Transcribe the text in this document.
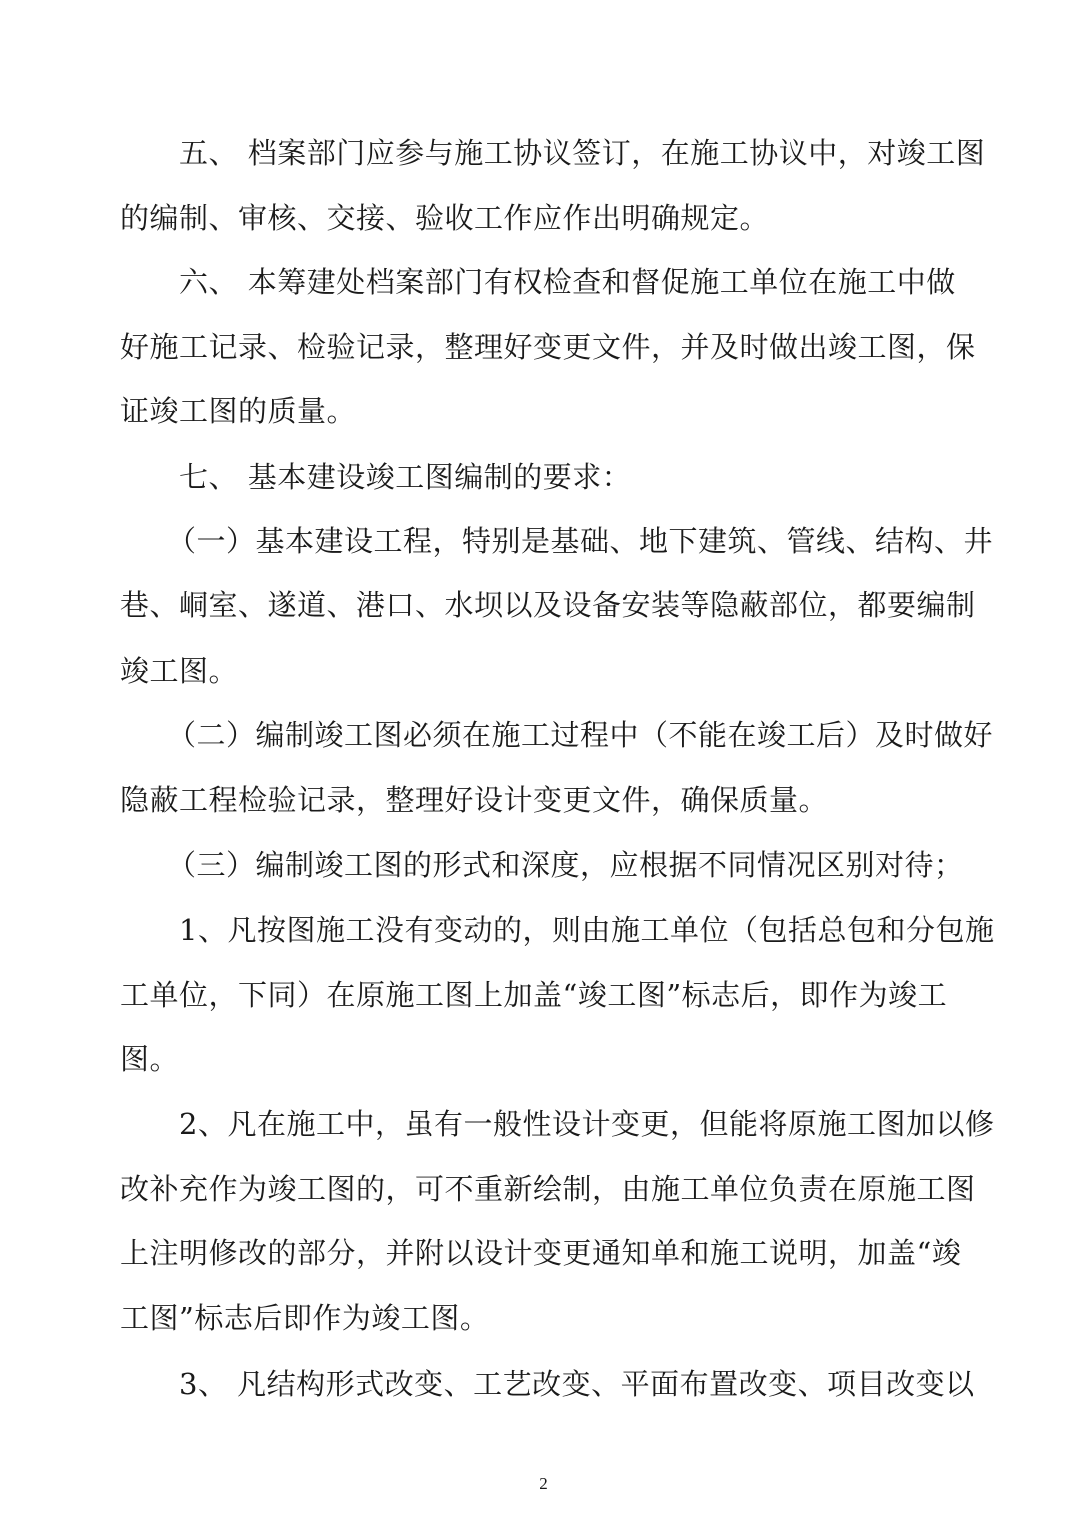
五、 档案部门应参与施工协议签订，在施工协议中，对竣工图
的编制、审核、交接、验收工作应作出明确规定。
六、 本筹建处档案部门有权检查和督促施工单位在施工中做
好施工记录、检验记录，整理好变更文件，并及时做出竣工图，保
证竣工图的质量。
七、 基本建设竣工图编制的要求：
（一）基本建设工程，特别是基础、地下建筑、管线、结构、井
巷、峒室、遂道、港口、水坝以及设备安装等隐蔽部位，都要编制
竣工图。
（二）编制竣工图必须在施工过程中（不能在竣工后）及时做好
隐蔽工程检验记录，整理好设计变更文件，确保质量。
（三）编制竣工图的形式和深度，应根据不同情况区别对待；
1、凡按图施工没有变动的，则由施工单位（包括总包和分包施
工单位，下同）在原施工图上加盖“竣工图”标志后，即作为竣工
图。
2、凡在施工中，虽有一般性设计变更，但能将原施工图加以修
改补充作为竣工图的，可不重新绘制，由施工单位负责在原施工图
上注明修改的部分，并附以设计变更通知单和施工说明，加盖“竣
工图”标志后即作为竣工图。
3、 凡结构形式改变、工艺改变、平面布置改变、项目改变以
2
